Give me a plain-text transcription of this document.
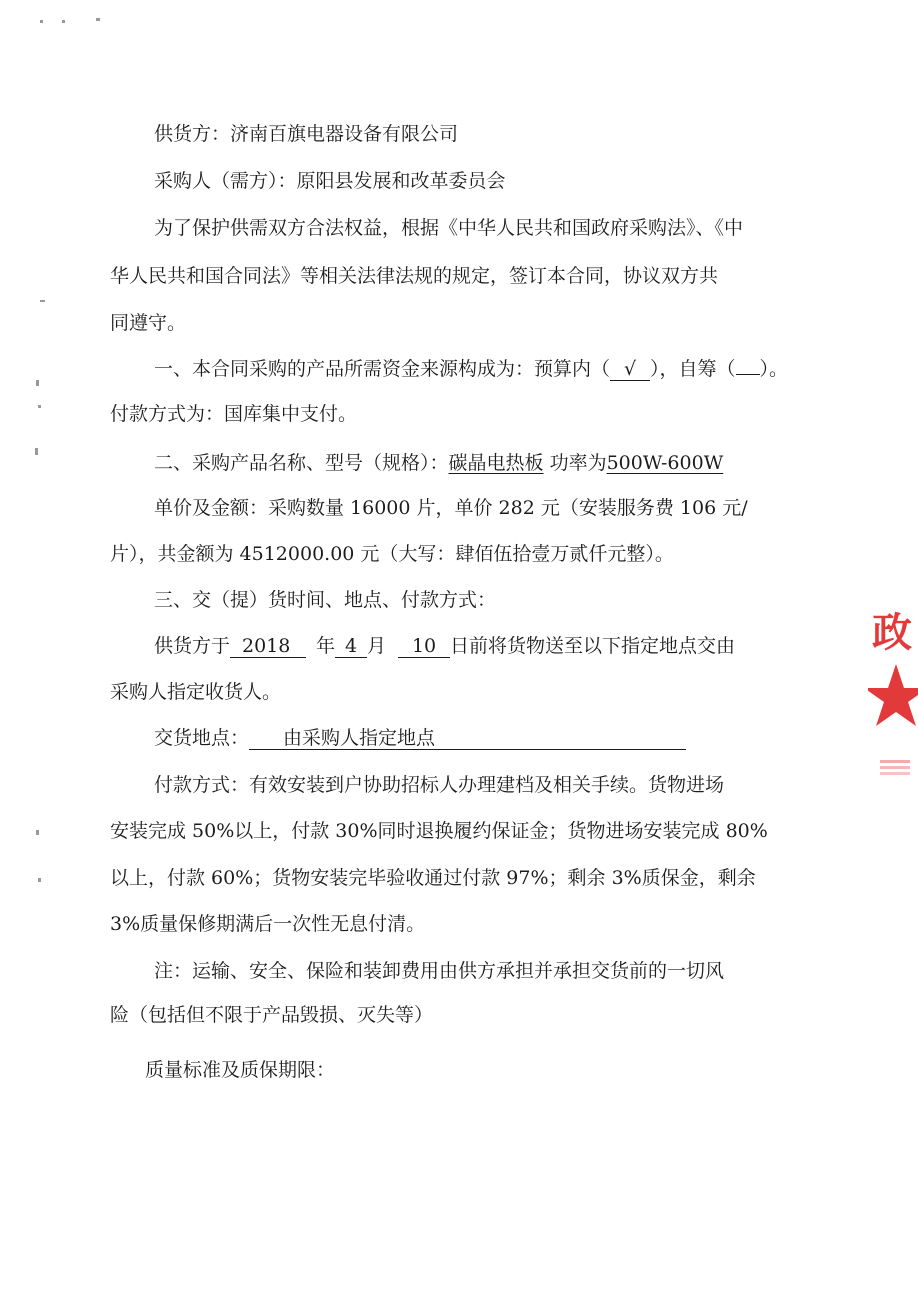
供货方：济南百旗电器设备有限公司
采购人（需方）：原阳县发展和改革委员会
为了保护供需双方合法权益，根据《中华人民共和国政府采购法》、《中
华人民共和国合同法》等相关法律法规的规定，签订本合同，协议双方共
同遵守。
一、本合同采购的产品所需资金来源构成为：预算内（ √ ），自筹（ ）。
付款方式为：国库集中支付。
二、采购产品名称、型号（规格）：碳晶电热板 功率为500W-600W
单价及金额：采购数量 16000 片，单价 282 元（安装服务费 106 元/
片），共金额为 4512000.00 元（大写：肆佰伍拾壹万贰仟元整）。
三、交（提）货时间、地点、付款方式：
供货方于 2018 年 4 月 10 日前将货物送至以下指定地点交由
采购人指定收货人。
交货地点： 由采购人指定地点
付款方式：有效安装到户协助招标人办理建档及相关手续。货物进场
安装完成 50%以上，付款 30%同时退换履约保证金；货物进场安装完成 80%
以上，付款 60%；货物安装完毕验收通过付款 97%；剩余 3%质保金，剩余
3%质量保修期满后一次性无息付清。
注：运输、安全、保险和装卸费用由供方承担并承担交货前的一切风
险（包括但不限于产品毁损、灭失等）
质量标准及质保期限：
政
